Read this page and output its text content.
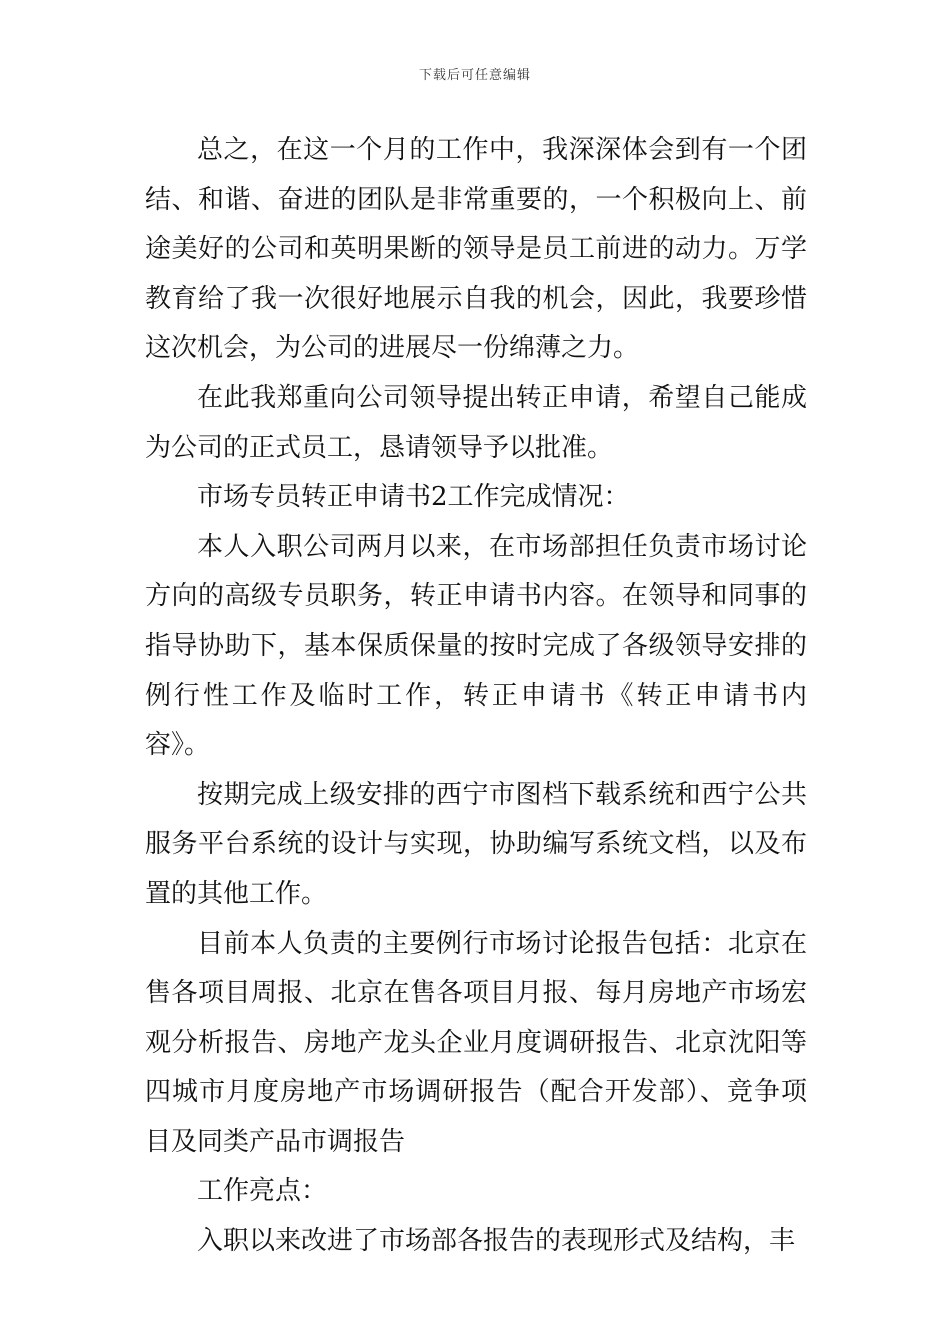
下载后可任意编辑

总之，在这一个月的工作中，我深深体会到有一个团结、和谐、奋进的团队是非常重要的，一个积极向上、前途美好的公司和英明果断的领导是员工前进的动力。万学教育给了我一次很好地展示自我的机会，因此，我要珍惜这次机会，为公司的进展尽一份绵薄之力。

在此我郑重向公司领导提出转正申请，希望自己能成为公司的正式员工，恳请领导予以批准。

市场专员转正申请书2工作完成情况：

本人入职公司两月以来，在市场部担任负责市场讨论方向的高级专员职务，转正申请书内容。在领导和同事的指导协助下，基本保质保量的按时完成了各级领导安排的例行性工作及临时工作，转正申请书《转正申请书内容》。

按期完成上级安排的西宁市图档下载系统和西宁公共服务平台系统的设计与实现，协助编写系统文档，以及布置的其他工作。

目前本人负责的主要例行市场讨论报告包括：北京在售各项目周报、北京在售各项目月报、每月房地产市场宏观分析报告、房地产龙头企业月度调研报告、北京沈阳等四城市月度房地产市场调研报告（配合开发部）、竞争项目及同类产品市调报告

工作亮点：

入职以来改进了市场部各报告的表现形式及结构，丰
